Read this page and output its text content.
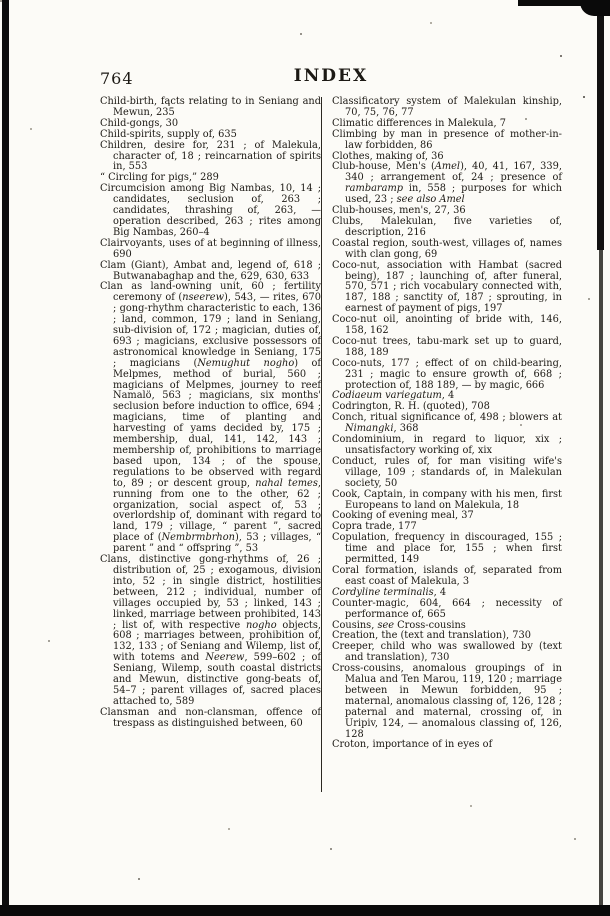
764	INDEX

Child-birth, facts relating to in Seniang and Mewun, 235

Child-gongs, 30

Child-spirits, supply of, 635

Children, desire for, 231 ; of Malekula, character of, 18 ; reincarnation of spirits in, 553

“ Circling for pigs,” 289

Circumcision among Big Nambas, 10, 14 ; candidates, seclusion of, 263 ; candidates, thrashing of, 263, — operation described, 263 ; rites among Big Nambas, 260–4

Clairvoyants, uses of at beginning of illness, 690

Clam (Giant), Ambat and, legend of, 618 ; Butwanabaghap and the, 629, 630, 633

Clan as land-owning unit, 60 ; fertility ceremony of (nseerew), 543, — rites, 670 ; gong-rhythm characteristic to each, 136 ; land, common, 179 ; land in Seniang, sub-division of, 172 ; magician, duties of, 693 ; magicians, exclusive possessors of astronomical knowledge in Seniang, 175 ; magicians (Nemughut nogho) of Melpmes, method of burial, 560 ; magicians of Melpmes, journey to reef Namalö, 563 ; magicians, six months' seclusion before induction to office, 694 ; magicians, time of planting and harvesting of yams decided by, 175 ; membership, dual, 141, 142, 143 ; membership of, prohibitions to marriage based upon, 134 ; of the spouse, regulations to be observed with regard to, 89 ; or descent group, nahal temes, running from one to the other, 62 ; organization, social aspect of, 53 ; overlordship of, dominant with regard to land, 179 ; village, “ parent ”, sacred place of (Nembrmbrhon), 53 ; villages, “ parent ” and “ offspring ”, 53

Clans, distinctive gong-rhythms of, 26 ; distribution of, 25 ; exogamous, division into, 52 ; in single district, hostilities between, 212 ; individual, number of villages occupied by, 53 ; linked, 143 ; linked, marriage between prohibited, 143 ; list of, with respective nogho objects, 608 ; marriages between, prohibition of, 132, 133 ; of Seniang and Wilemp, list of, with totems and Neerew, 599–602 ; of Seniang, Wilemp, south coastal districts and Mewun, distinctive gong-beats of, 54–7 ; parent villages of, sacred places attached to, 589

Clansman and non-clansman, offence of trespass as distinguished between, 60

Classificatory system of Malekulan kinship, 70, 75, 76, 77

Climatic differences in Malekula, 7

Climbing by man in presence of mother-in-law forbidden, 86

Clothes, making of, 36

Club-house, Men's (Amel), 40, 41, 167, 339, 340 ; arrangement of, 24 ; presence of rambaramp in, 558 ; purposes for which used, 23 ; see also Amel

Club-houses, men's, 27, 36

Clubs, Malekulan, five varieties of, description, 216

Coastal region, south-west, villages of, names with clan gong, 69

Coco-nut, association with Hambat (sacred being), 187 ; launching of, after funeral, 570, 571 ; rich vocabulary connected with, 187, 188 ; sanctity of, 187 ; sprouting, in earnest of payment of pigs, 197

Coco-nut oil, anointing of bride with, 146, 158, 162

Coco-nut trees, tabu-mark set up to guard, 188, 189

Coco-nuts, 177 ; effect of on child-bearing, 231 ; magic to ensure growth of, 668 ; protection of, 188 189, — by magic, 666

Codiaeum variegatum, 4

Codrington, R. H. (quoted), 708

Conch, ritual significance of, 498 ; blowers at Nimangki, 368

Condominium, in regard to liquor, xix ; unsatisfactory working of, xix

Conduct, rules of, for man visiting wife's village, 109 ; standards of, in Malekulan society, 50

Cook, Captain, in company with his men, first Europeans to land on Malekula, 18

Cooking of evening meal, 37

Copra trade, 177

Copulation, frequency in discouraged, 155 ; time and place for, 155 ; when first permitted, 149

Coral formation, islands of, separated from east coast of Malekula, 3

Cordyline terminalis, 4

Counter-magic, 604, 664 ; necessity of performance of, 665

Cousins, see Cross-cousins

Creation, the (text and translation), 730

Creeper, child who was swallowed by (text and translation), 730

Cross-cousins, anomalous groupings of in Malua and Ten Marou, 119, 120 ; marriage between in Mewun forbidden, 95 ; maternal, anomalous classing of, 126, 128 ; paternal and maternal, crossing of, in Uripiv, 124, — anomalous classing of, 126, 128

Croton, importance of in eyes of
